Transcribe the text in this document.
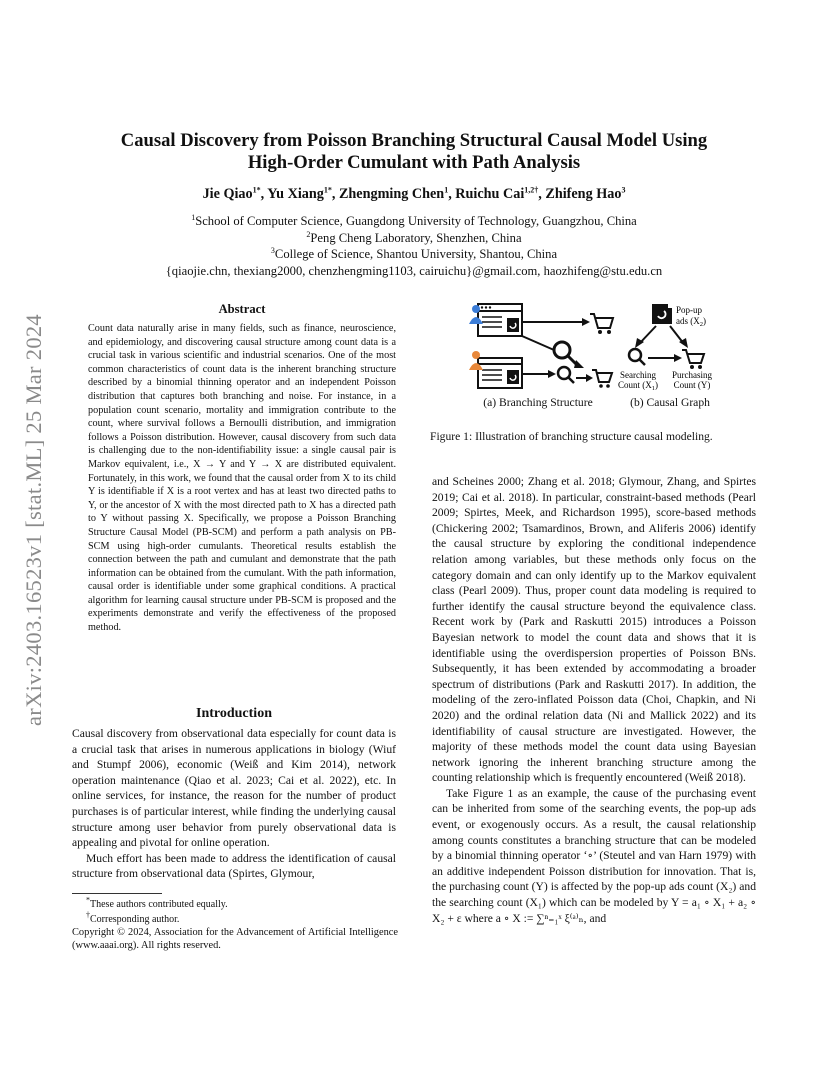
arXiv:2403.16523v1 [stat.ML] 25 Mar 2024
Causal Discovery from Poisson Branching Structural Causal Model Using
High-Order Cumulant with Path Analysis
Jie Qiao$^{1*}$, Yu Xiang$^{1*}$, Zhengming Chen$^1$, Ruichu Cai$^{1,2\dagger}$, Zhifeng Hao$^3$
$^1$School of Computer Science, Guangdong University of Technology, Guangzhou, China
$^2$Peng Cheng Laboratory, Shenzhen, China
$^3$College of Science, Shantou University, Shantou, China
{qiaojie.chn, thexiang2000, chenzhengming1103, cairuichu}@gmail.com, haozhifeng@stu.edu.cn
Abstract

Count data naturally arise in many fields, such as finance, neuroscience, and epidemiology, and discovering causal structure among count data is a crucial task in various scientific and industrial scenarios. One of the most common characteristics of count data is the inherent branching structure described by a binomial thinning operator and an independent Poisson distribution that captures both branching and noise. For instance, in a population count scenario, mortality and immigration contribute to the count, where survival follows a Bernoulli distribution, and immigration follows a Poisson distribution. However, causal discovery from such data is challenging due to the non-identifiability issue: a single causal pair is Markov equivalent, i.e., X → Y and Y → X are distributed equivalent. Fortunately, in this work, we found that the causal order from X to its child Y is identifiable if X is a root vertex and has at least two directed paths to Y, or the ancestor of X with the most directed path to X has a directed path to Y without passing X. Specifically, we propose a Poisson Branching Structure Causal Model (PB-SCM) and perform a path analysis on PB-SCM using high-order cumulants. Theoretical results establish the connection between the path and cumulant and demonstrate that the path information can be obtained from the cumulant. With the path information, causal order is identifiable under some graphical conditions. A practical algorithm for learning causal structure under PB-SCM is proposed and the experiments demonstrate and verify the effectiveness of the proposed method.

Introduction

Causal discovery from observational data especially for count data is a crucial task that arises in numerous applications in biology (Wiuf and Stumpf 2006), economic (Weiß and Kim 2014), network operation maintenance (Qiao et al. 2023; Cai et al. 2022), etc. In online services, for instance, the reason for the number of product purchases is of particular interest, while finding the underlying causal structure among user behavior from purely observational data is appealing and pivotal for online operation.

Much effort has been made to address the identification of causal structure from observational data (Spirtes, Glymour,

*These authors contributed equally.
†Corresponding author.
Copyright © 2024, Association for the Advancement of Artificial Intelligence (www.aaai.org). All rights reserved.
Pop-up
ads $(X_2)$
Searching
Count $(X_1)$
Purchasing
Count (Y)
(a) Branching Structure	(b) Causal Graph
Figure 1: Illustration of branching structure causal modeling.

and Scheines 2000; Zhang et al. 2018; Glymour, Zhang, and Spirtes 2019; Cai et al. 2018). In particular, constraint-based methods (Pearl 2009; Spirtes, Meek, and Richardson 1995), score-based methods (Chickering 2002; Tsamardinos, Brown, and Aliferis 2006) identify the causal structure by exploring the conditional independence relation among variables, but these methods only focus on the category domain and can only identify up to the Markov equivalent class (Pearl 2009). Thus, proper count data modeling is required to further identify the causal structure beyond the equivalence class. Recent work by (Park and Raskutti 2015) introduces a Poisson Bayesian network to model the count data and shows that it is identifiable using the overdispersion properties of Poisson BNs. Subsequently, it has been extended by accommodating a broader spectrum of distributions (Park and Raskutti 2017). In addition, the modeling of the zero-inflated Poisson data (Choi, Chapkin, and Ni 2020) and the ordinal relation data (Ni and Mallick 2022) and its identifiability of causal structure are investigated. However, the majority of these methods model the count data using Bayesian network ignoring the inherent branching structure among the counting relationship which is frequently encountered (Weiß 2018).

Take Figure 1 as an example, the cause of the purchasing event can be inherited from some of the searching events, the pop-up ads event, or exogenously occurs. As a result, the causal relationship among counts constitutes a branching structure that can be modeled by a binomial thinning operator ‘∘’ (Steutel and van Harn 1979) with an additive independent Poisson distribution for innovation. That is, the purchasing count (Y) is affected by the pop-up ads count (X₂) and the searching count (X₁) which can be modeled by Y = a₁ ∘ X₁ + a₂ ∘ X₂ + ε where a ∘ X := ∑ⁿ₌₁ˣ ξ⁽ᵃ⁾ₙ, and
